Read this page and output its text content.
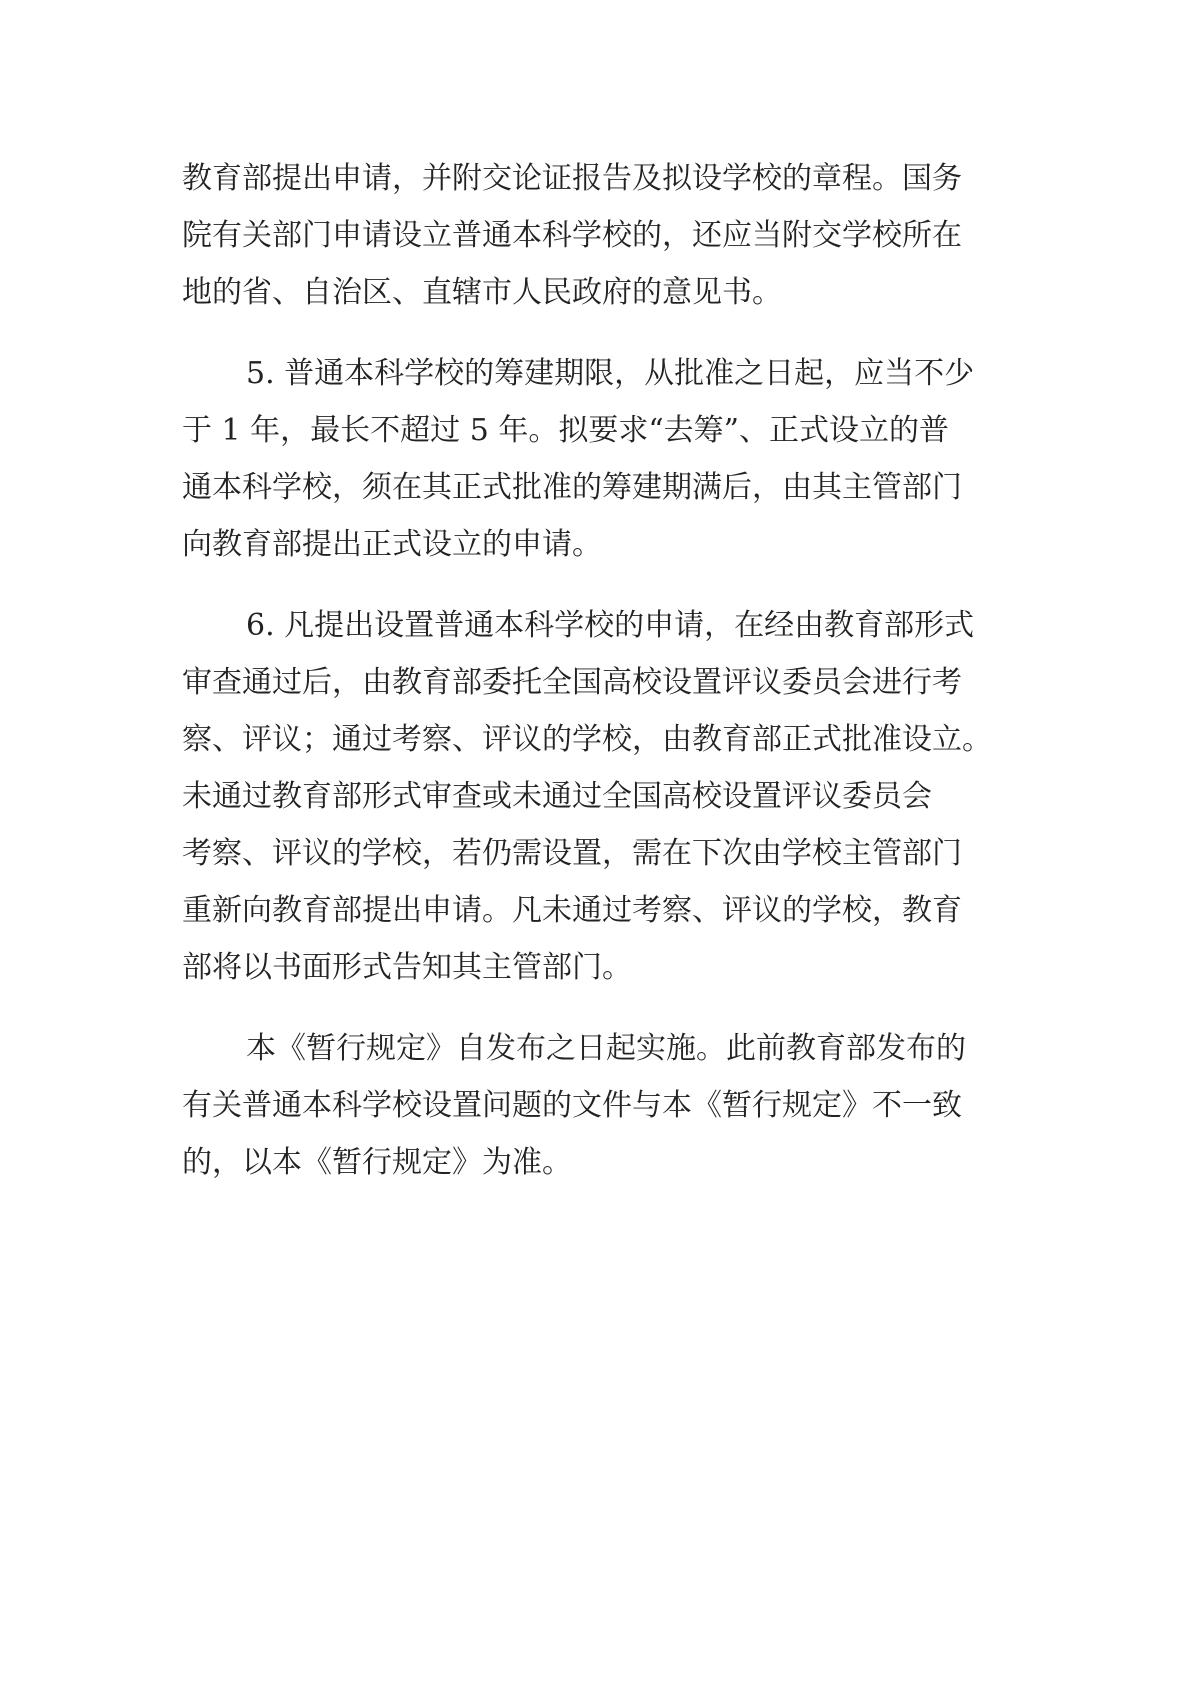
教育部提出申请，并附交论证报告及拟设学校的章程。国务
院有关部门申请设立普通本科学校的，还应当附交学校所在
地的省、自治区、直辖市人民政府的意见书。
5. 普通本科学校的筹建期限，从批准之日起，应当不少
于 1 年，最长不超过 5 年。拟要求“去筹”、正式设立的普
通本科学校，须在其正式批准的筹建期满后，由其主管部门
向教育部提出正式设立的申请。
6. 凡提出设置普通本科学校的申请，在经由教育部形式
审查通过后，由教育部委托全国高校设置评议委员会进行考
察、评议；通过考察、评议的学校，由教育部正式批准设立。
未通过教育部形式审查或未通过全国高校设置评议委员会
考察、评议的学校，若仍需设置，需在下次由学校主管部门
重新向教育部提出申请。凡未通过考察、评议的学校，教育
部将以书面形式告知其主管部门。
本《暂行规定》自发布之日起实施。此前教育部发布的
有关普通本科学校设置问题的文件与本《暂行规定》不一致
的，以本《暂行规定》为准。
